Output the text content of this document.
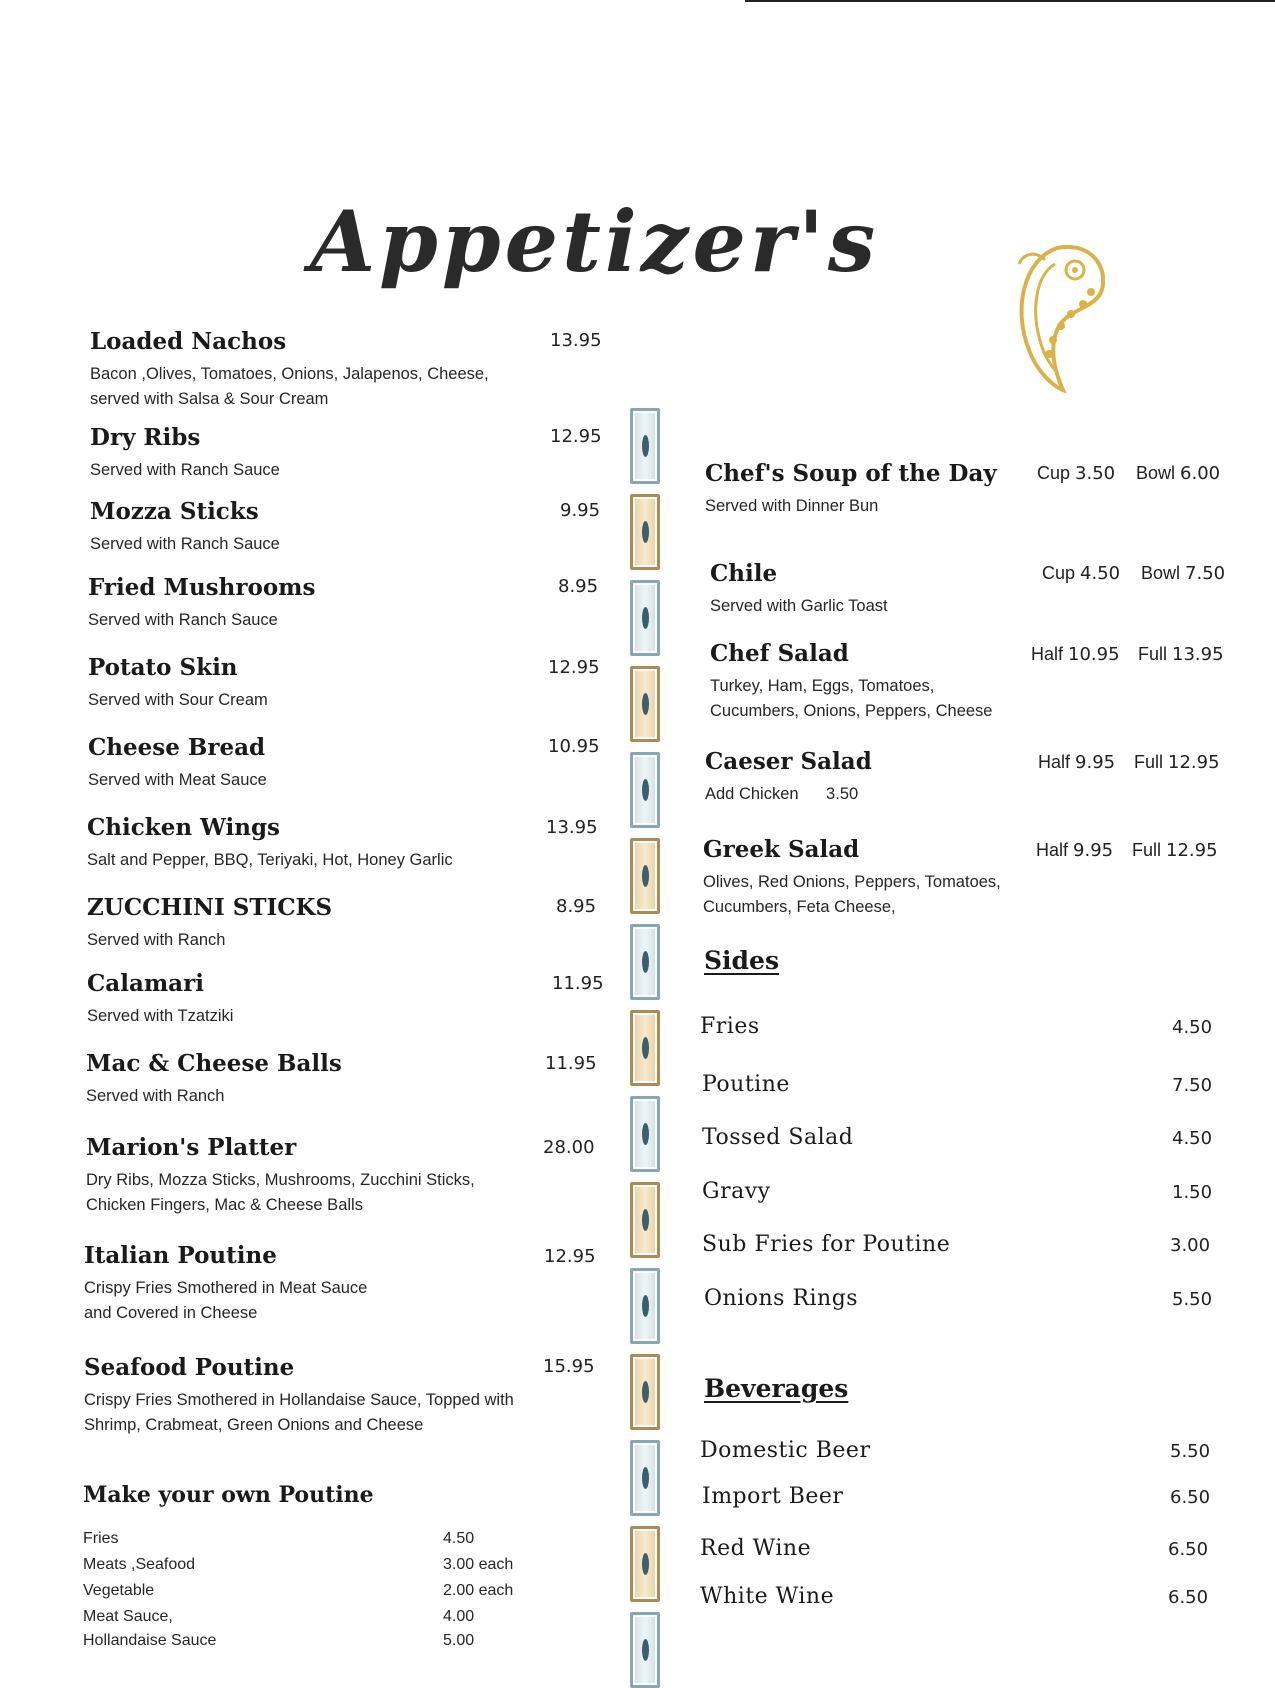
Appetizer's
Loaded Nachos
Bacon ,Olives, Tomatoes, Onions, Jalapenos, Cheese,
served with Salsa & Sour Cream
13.95
Dry Ribs
Served with Ranch Sauce
12.95
Mozza Sticks
Served with Ranch Sauce
9.95
Fried Mushrooms
Served with Ranch Sauce
8.95
Potato Skin
Served with Sour Cream
12.95
Cheese Bread
Served with Meat Sauce
10.95
Chicken Wings
Salt and Pepper, BBQ, Teriyaki, Hot, Honey Garlic
13.95
ZUCCHINI STICKS
Served with Ranch
8.95
Calamari
Served with Tzatziki
11.95
Mac & Cheese Balls
Served with Ranch
11.95
Marion's Platter
Dry Ribs, Mozza Sticks, Mushrooms, Zucchini Sticks,
Chicken Fingers, Mac & Cheese Balls
28.00
Italian Poutine
Crispy Fries Smothered in Meat Sauce
and Covered in Cheese
12.95
Seafood Poutine
Crispy Fries Smothered in Hollandaise Sauce, Topped with
Shrimp, Crabmeat, Green Onions and Cheese
15.95
Make your own Poutine
Fries	4.50
Meats ,Seafood	3.00 each
Vegetable	2.00 each
Meat Sauce,	4.00
Hollandaise Sauce	5.00
Chef's Soup of the Day
Served with Dinner Bun
Cup 3.50 Bowl 6.00
Chile
Served with Garlic Toast
Cup 4.50 Bowl 7.50
Chef Salad
Turkey, Ham, Eggs, Tomatoes,
Cucumbers, Onions, Peppers, Cheese
Half 10.95 Full 13.95
Caeser Salad
Add Chicken      3.50
Half 9.95 Full 12.95
Greek Salad
Olives, Red Onions, Peppers, Tomatoes,
Cucumbers, Feta Cheese,
Half 9.95 Full 12.95
Sides
Fries	4.50
Poutine	7.50
Tossed Salad	4.50
Gravy	1.50
Sub Fries for Poutine	3.00
Onions Rings	5.50
Beverages
Domestic Beer	5.50
Import Beer	6.50
Red Wine	6.50
White Wine	6.50
